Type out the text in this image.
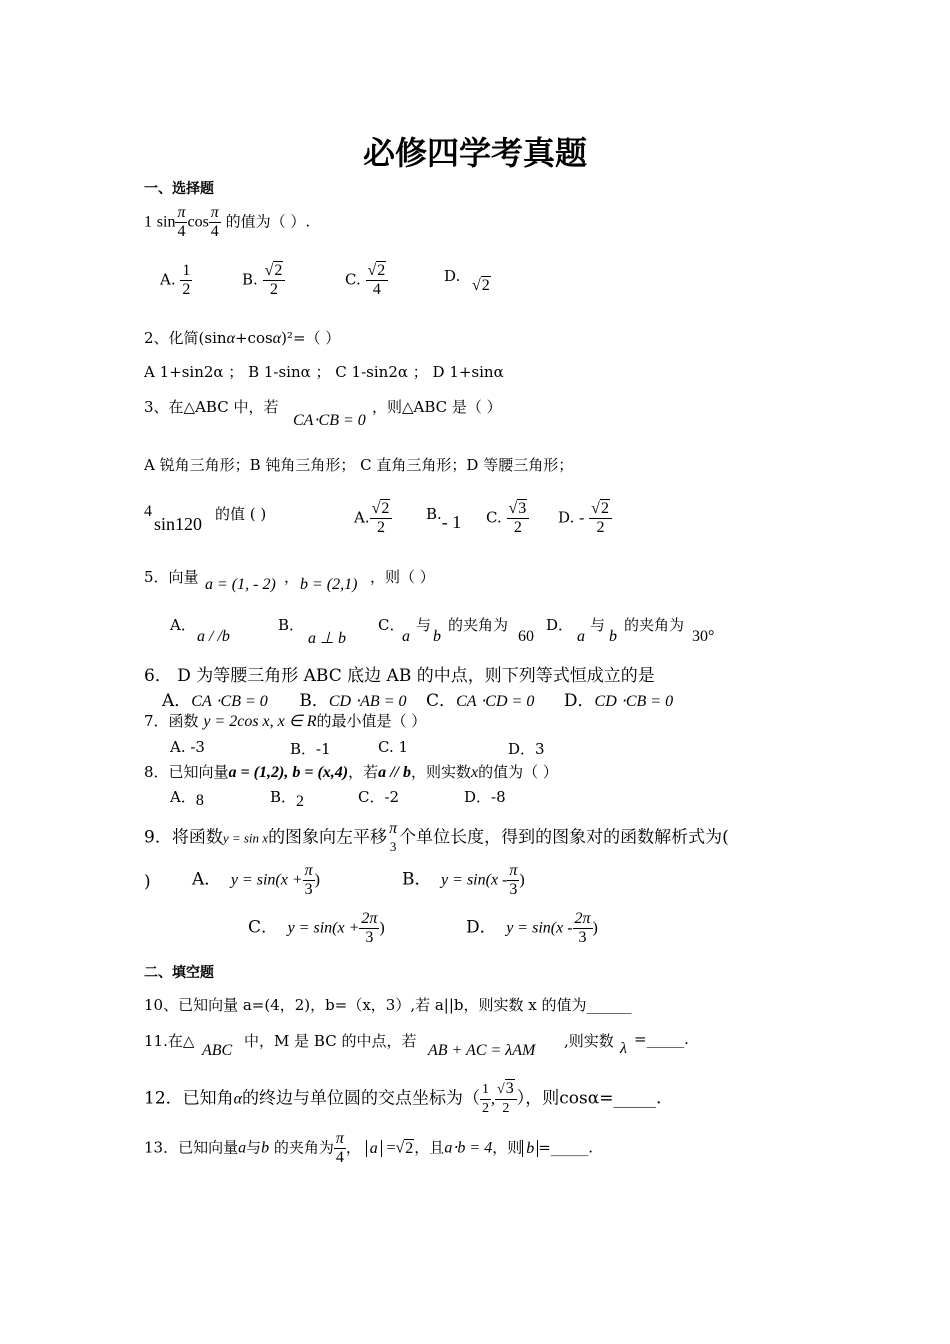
必修四学考真题
一、选择题
1 $\sin \frac{\pi}{4}$ $\cos \frac{\pi}{4}$ 的值为（ ）.
A. $\frac{1}{2}$	B. $\frac{√2}{2}$	C. $\frac{√2}{4}$	D.
√2
2、化简(sinα+cosα)²=（ ）
A 1+sin2α ； B 1-sinα ； C 1-sin2α ； D 1+sinα
3、在△ABC 中，若
CA⋅CB = 0
，则△ABC 是（ ）
A 锐角三角形；B 钝角三角形； C 直角三角形；D 等腰三角形；
4
sin120 的值 ( )	A. $\frac{√2}{2} B.-$ 1 C. $\frac{√3}{2} D$. - $\frac{√2}{2}$
5．向量 a = (1, - 2) ， b = (2,1) ，则（ ）
A．
a / /b
B．
a ⊥ b
C．
a
与
b
的夹角为
60
D．
a
与
b
的夹角为
30°
6． D 为等腰三角形 ABC 底边 AB 的中点，则下列等式恒成立的是
A．CA ⋅CB = 0 B．CD ⋅AB = 0 C．CA ⋅CD = 0 D．CD ⋅CB = 0
7．函数 y = 2cos x, x ∈ R的最小值是（ ）
A. -3	B．-1	C. 1	D．3
8．已知向量a = (1,2), b = (x,4)，若a // b，则实数x的值为（ ）
A．8	B．2	C．-2	D．-8
9．将函数y = sin x的图象向左平移 π
3 个单位长度，得到的图象对的函数解析式为(
) A． $y = \sin(x + \frac{\pi}{3}$ )	B． $y = \sin(x - \frac{\pi}{3}$ )
C． $y = \sin(x + \frac{2\pi}{3}$ )	D． $y = \sin(x - \frac{2\pi}{3}$ )
二、填空题
10、已知向量 a=(4，2)，b=（x，3）,若 a||b，则实数 x 的值为______
11.在△
ABC
中，M 是 BC 的中点，若
AB + AC = λAM
,则实数 λ
=_____.
12．已知角α的终边与单位圆的交点坐标为（ $\frac{1}{2}$ , $\frac{√3}{2}$ ），则cosα=_____.
13．已知向量a与b 的夹角为 $\frac{\pi}{4}$ ， a =√2，且a⋅b = 4，则 b =_____.
